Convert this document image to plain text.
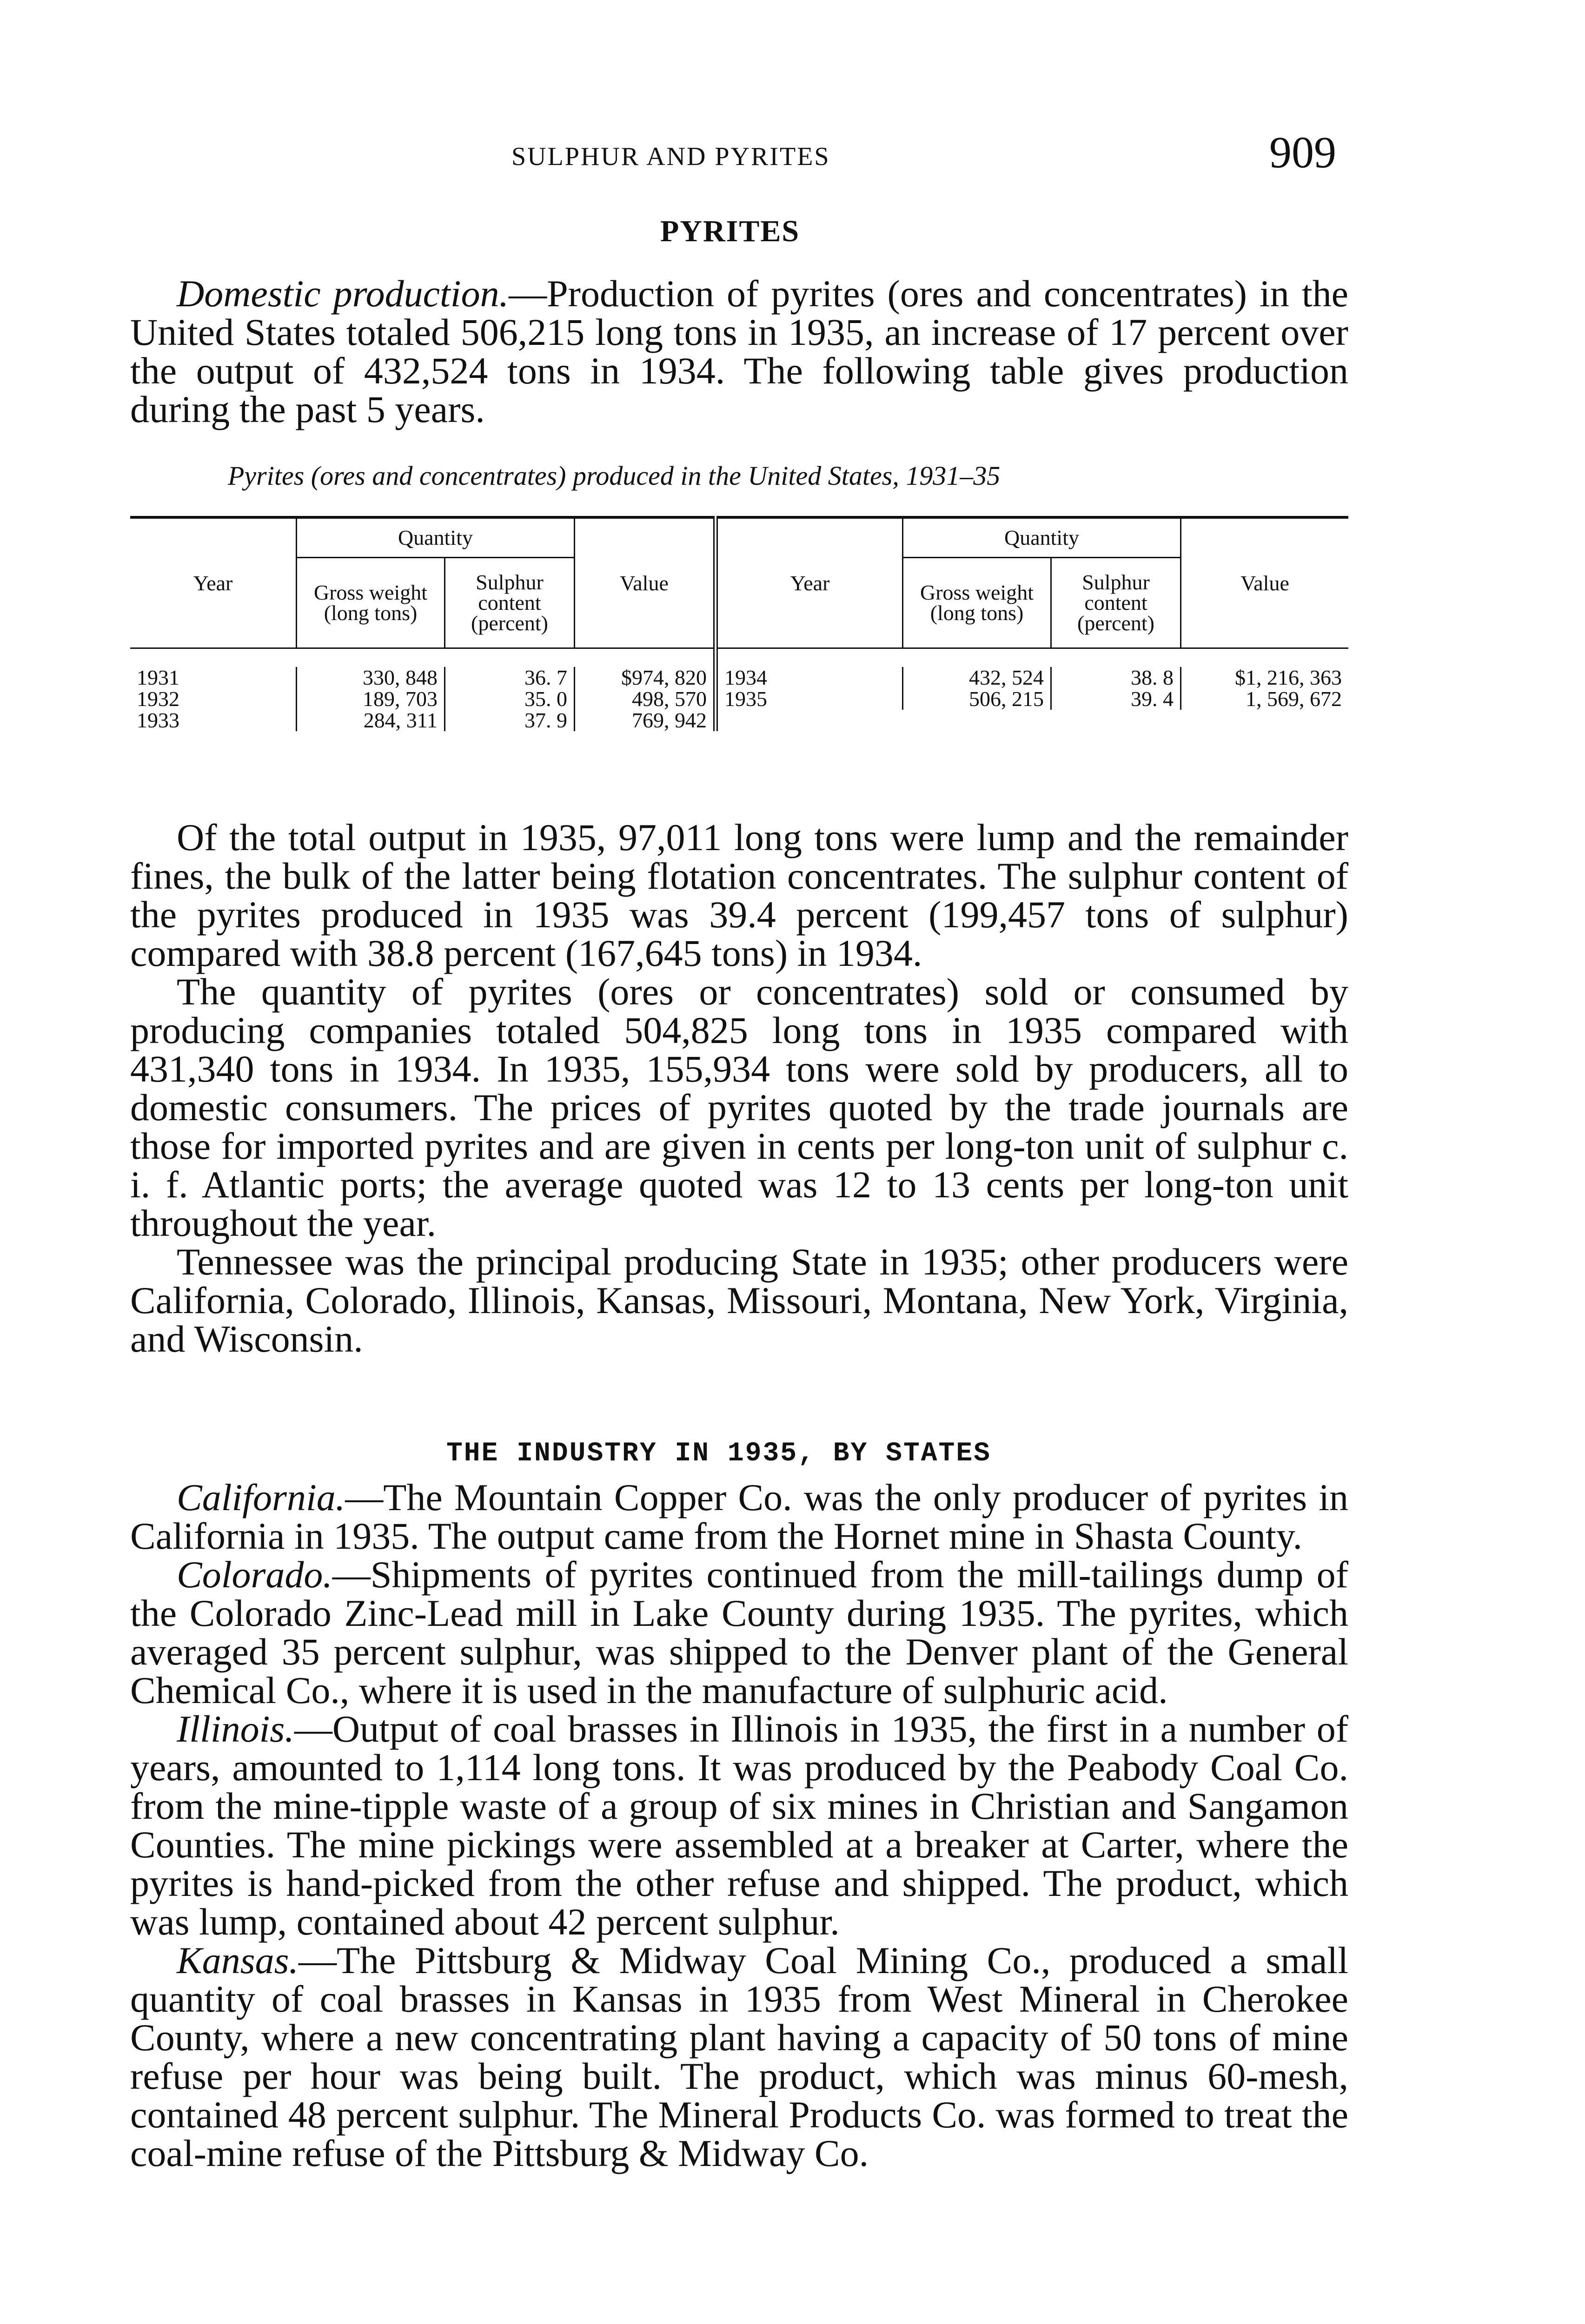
SULPHUR AND PYRITES	909
PYRITES

Domestic production.—Production of pyrites (ores and concentrates) in the United States totaled 506,215 long tons in 1935, an increase of 17 percent over the output of 432,524 tons in 1934. The following table gives production during the past 5 years.

Pyrites (ores and concentrates) produced in the United States, 1931–35
Year	Quantity		Value	Year	Quantity		Value
	Gross weight (long tons)	Sulphur content (percent)			Gross weight (long tons)	Sulphur content (percent)	

1931	330, 848	36. 7	$974, 820	1934	432, 524	38. 8	$1, 216, 363
1932	189, 703	35. 0	498, 570	1935	506, 215	39. 4	1, 569, 672
1933	284, 311	37. 9	769, 942				

Of the total output in 1935, 97,011 long tons were lump and the remainder fines, the bulk of the latter being flotation concentrates. The sulphur content of the pyrites produced in 1935 was 39.4 percent (199,457 tons of sulphur) compared with 38.8 percent (167,645 tons) in 1934.

The quantity of pyrites (ores or concentrates) sold or consumed by producing companies totaled 504,825 long tons in 1935 compared with 431,340 tons in 1934. In 1935, 155,934 tons were sold by producers, all to domestic consumers. The prices of pyrites quoted by the trade journals are those for imported pyrites and are given in cents per long-ton unit of sulphur c. i. f. Atlantic ports; the average quoted was 12 to 13 cents per long-ton unit throughout the year.

Tennessee was the principal producing State in 1935; other producers were California, Colorado, Illinois, Kansas, Missouri, Montana, New York, Virginia, and Wisconsin.

THE INDUSTRY IN 1935, BY STATES

California.—The Mountain Copper Co. was the only producer of pyrites in California in 1935. The output came from the Hornet mine in Shasta County.

Colorado.—Shipments of pyrites continued from the mill-tailings dump of the Colorado Zinc-Lead mill in Lake County during 1935. The pyrites, which averaged 35 percent sulphur, was shipped to the Denver plant of the General Chemical Co., where it is used in the manufacture of sulphuric acid.

Illinois.—Output of coal brasses in Illinois in 1935, the first in a number of years, amounted to 1,114 long tons. It was produced by the Peabody Coal Co. from the mine-tipple waste of a group of six mines in Christian and Sangamon Counties. The mine pickings were assembled at a breaker at Carter, where the pyrites is hand-picked from the other refuse and shipped. The product, which was lump, contained about 42 percent sulphur.

Kansas.—The Pittsburg & Midway Coal Mining Co., produced a small quantity of coal brasses in Kansas in 1935 from West Mineral in Cherokee County, where a new concentrating plant having a capacity of 50 tons of mine refuse per hour was being built. The product, which was minus 60-mesh, contained 48 percent sulphur. The Mineral Products Co. was formed to treat the coal-mine refuse of the Pittsburg & Midway Co.
